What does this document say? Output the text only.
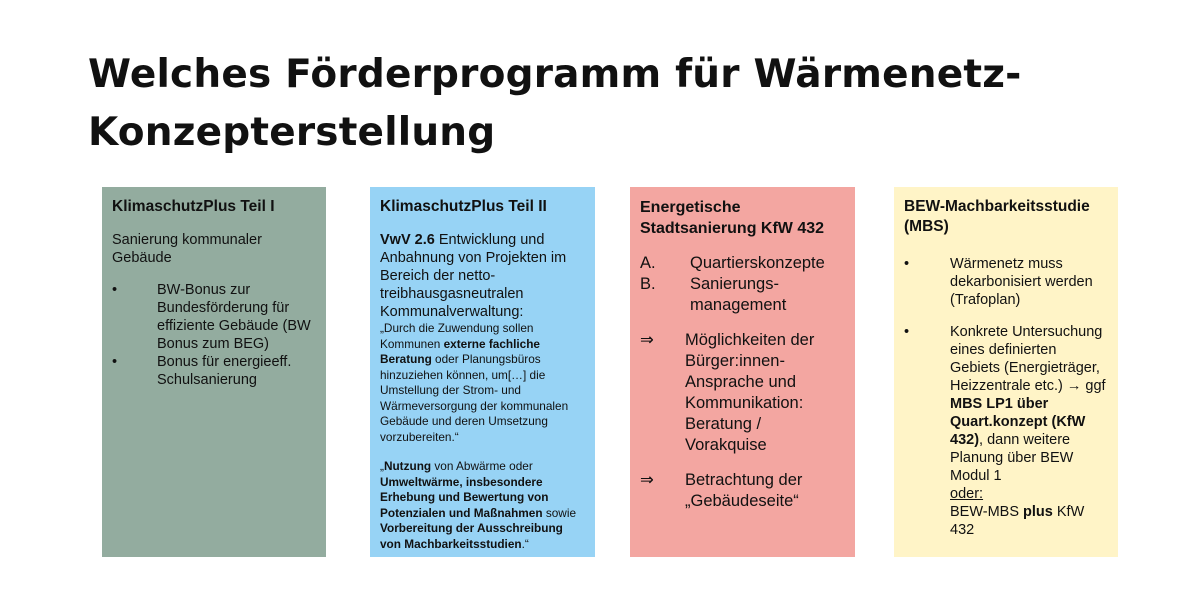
Welches Förderprogramm für Wärmenetz-
Konzepterstellung
KlimaschutzPlus Teil I
Sanierung kommunaler Gebäude
•	BW-Bonus zur Bundesförderung für effiziente Gebäude (BW Bonus zum BEG)
•	Bonus für energieeff. Schulsanierung
KlimaschutzPlus Teil II
VwV 2.6 Entwicklung und Anbahnung von Projekten im Bereich der netto-treibhausgasneutralen Kommunalverwaltung:
„Durch die Zuwendung sollen Kommunen externe fachliche Beratung oder Planungsbüros hinzuziehen können, um[…] die Umstellung der Strom- und Wärmeversorgung der kommunalen Gebäude und deren Umsetzung vorzubereiten.“
„Nutzung von Abwärme oder Umweltwärme, insbesondere Erhebung und Bewertung von Potenzialen und Maßnahmen sowie Vorbereitung der Ausschreibung von Machbarkeitsstudien.“
Energetische Stadtsanierung KfW 432
A. Quartierskonzepte
B. Sanierungs-management
⇒ Möglichkeiten der Bürger:innen-Ansprache und Kommunikation: Beratung / Vorakquise
⇒ Betrachtung der „Gebäudeseite“
BEW-Machbarkeitsstudie (MBS)
•	Wärmenetz muss dekarbonisiert werden (Trafoplan)
•	Konkrete Untersuchung eines definierten Gebiets (Energieträger, Heizzentrale etc.) → ggf MBS LP1 über Quart.konzept (KfW 432), dann weitere Planung über BEW Modul 1
oder:
BEW-MBS plus KfW 432
